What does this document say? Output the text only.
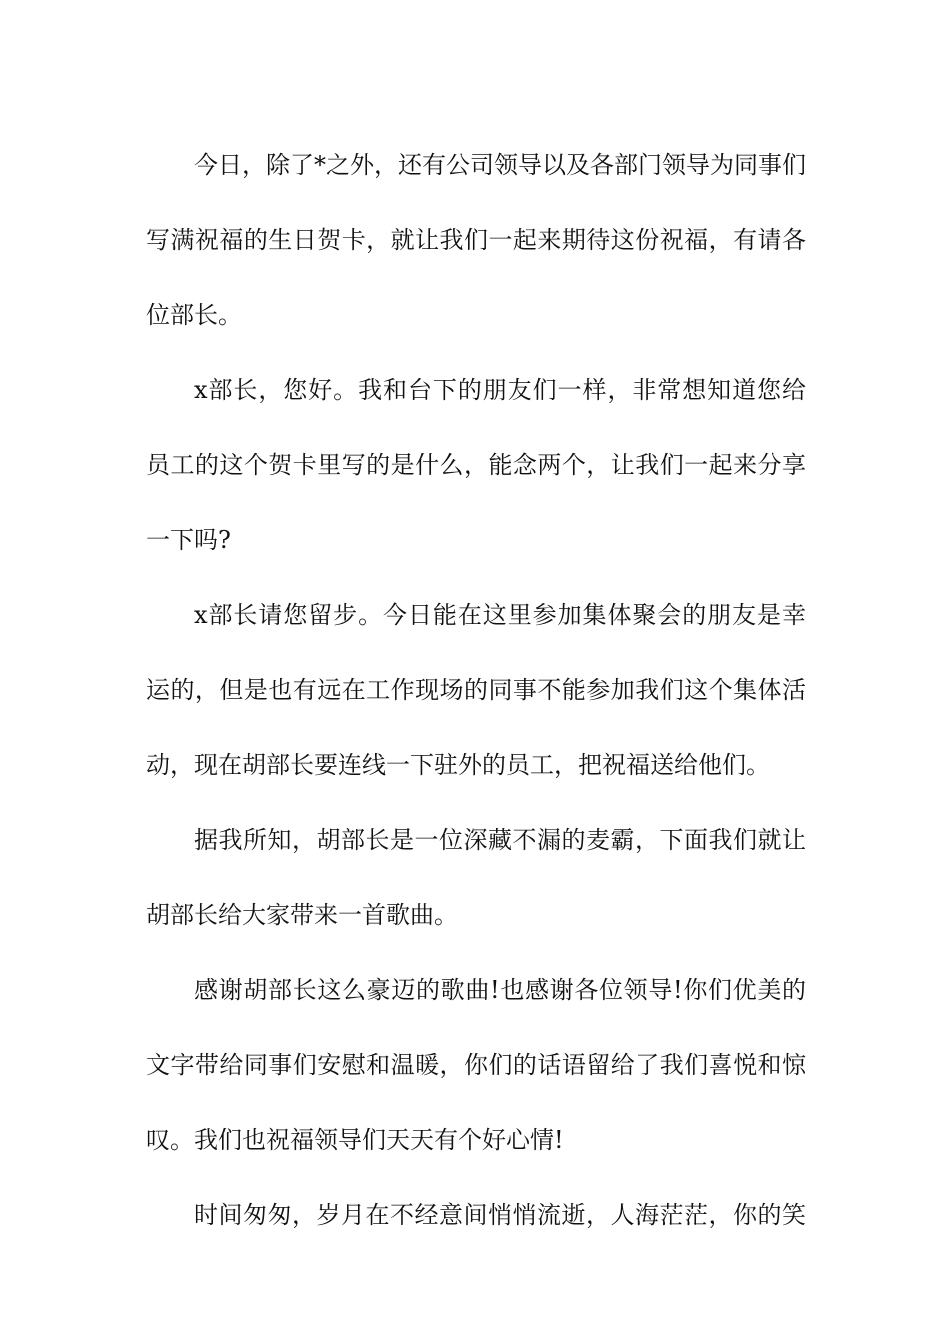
今日，除了*之外，还有公司领导以及各部门领导为同事们
写满祝福的生日贺卡，就让我们一起来期待这份祝福，有请各
位部长。
x部长，您好。我和台下的朋友们一样，非常想知道您给
员工的这个贺卡里写的是什么，能念两个，让我们一起来分享
一下吗?
x部长请您留步。今日能在这里参加集体聚会的朋友是幸
运的，但是也有远在工作现场的同事不能参加我们这个集体活
动，现在胡部长要连线一下驻外的员工，把祝福送给他们。
据我所知，胡部长是一位深藏不漏的麦霸，下面我们就让
胡部长给大家带来一首歌曲。
感谢胡部长这么豪迈的歌曲!也感谢各位领导!你们优美的
文字带给同事们安慰和温暖，你们的话语留给了我们喜悦和惊
叹。我们也祝福领导们天天有个好心情!
时间匆匆，岁月在不经意间悄悄流逝，人海茫茫，你的笑
